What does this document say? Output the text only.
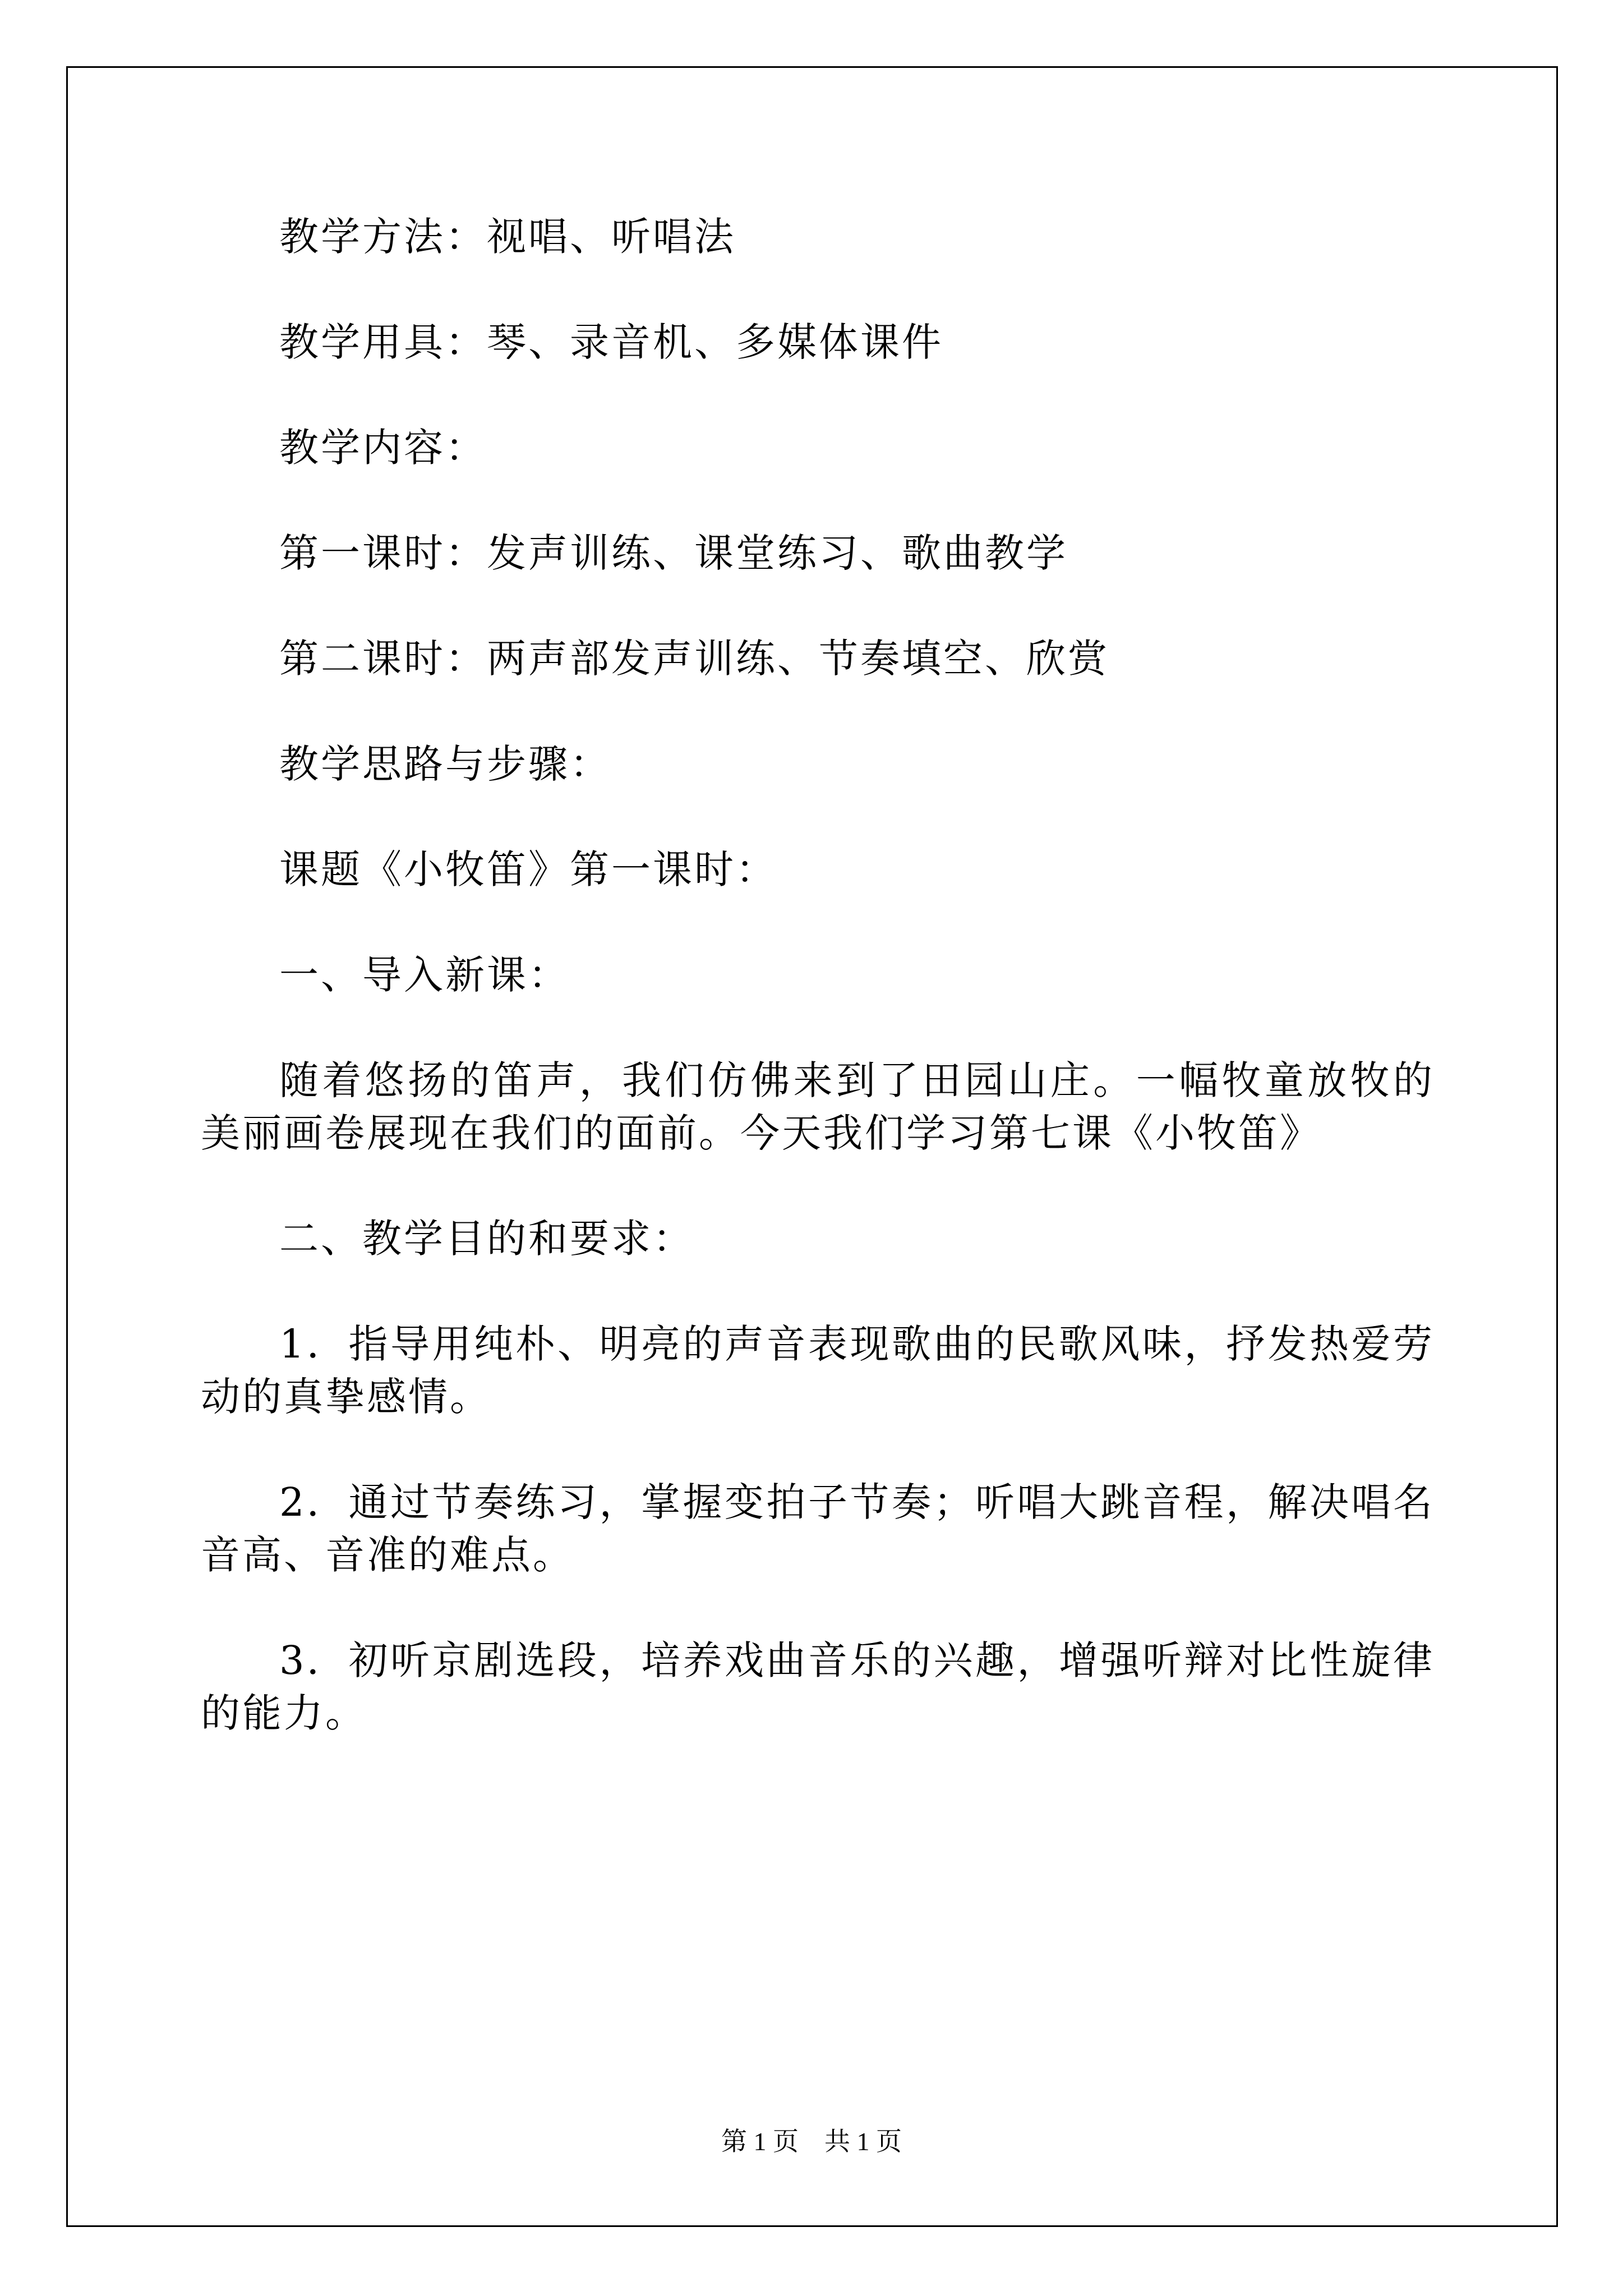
教学方法：视唱、听唱法

教学用具：琴、录音机、多媒体课件

教学内容：

第一课时：发声训练、课堂练习、歌曲教学

第二课时：两声部发声训练、节奏填空、欣赏

教学思路与步骤：

课题《小牧笛》第一课时：

一、导入新课：

随着悠扬的笛声，我们仿佛来到了田园山庄。一幅牧童放牧的美丽画卷展现在我们的面前。今天我们学习第七课《小牧笛》

二、教学目的和要求：

1．指导用纯朴、明亮的声音表现歌曲的民歌风味，抒发热爱劳动的真挚感情。

2．通过节奏练习，掌握变拍子节奏；听唱大跳音程，解决唱名音高、音准的难点。

3．初听京剧选段，培养戏曲音乐的兴趣，增强听辩对比性旋律的能力。

第 1 页　共 1 页
